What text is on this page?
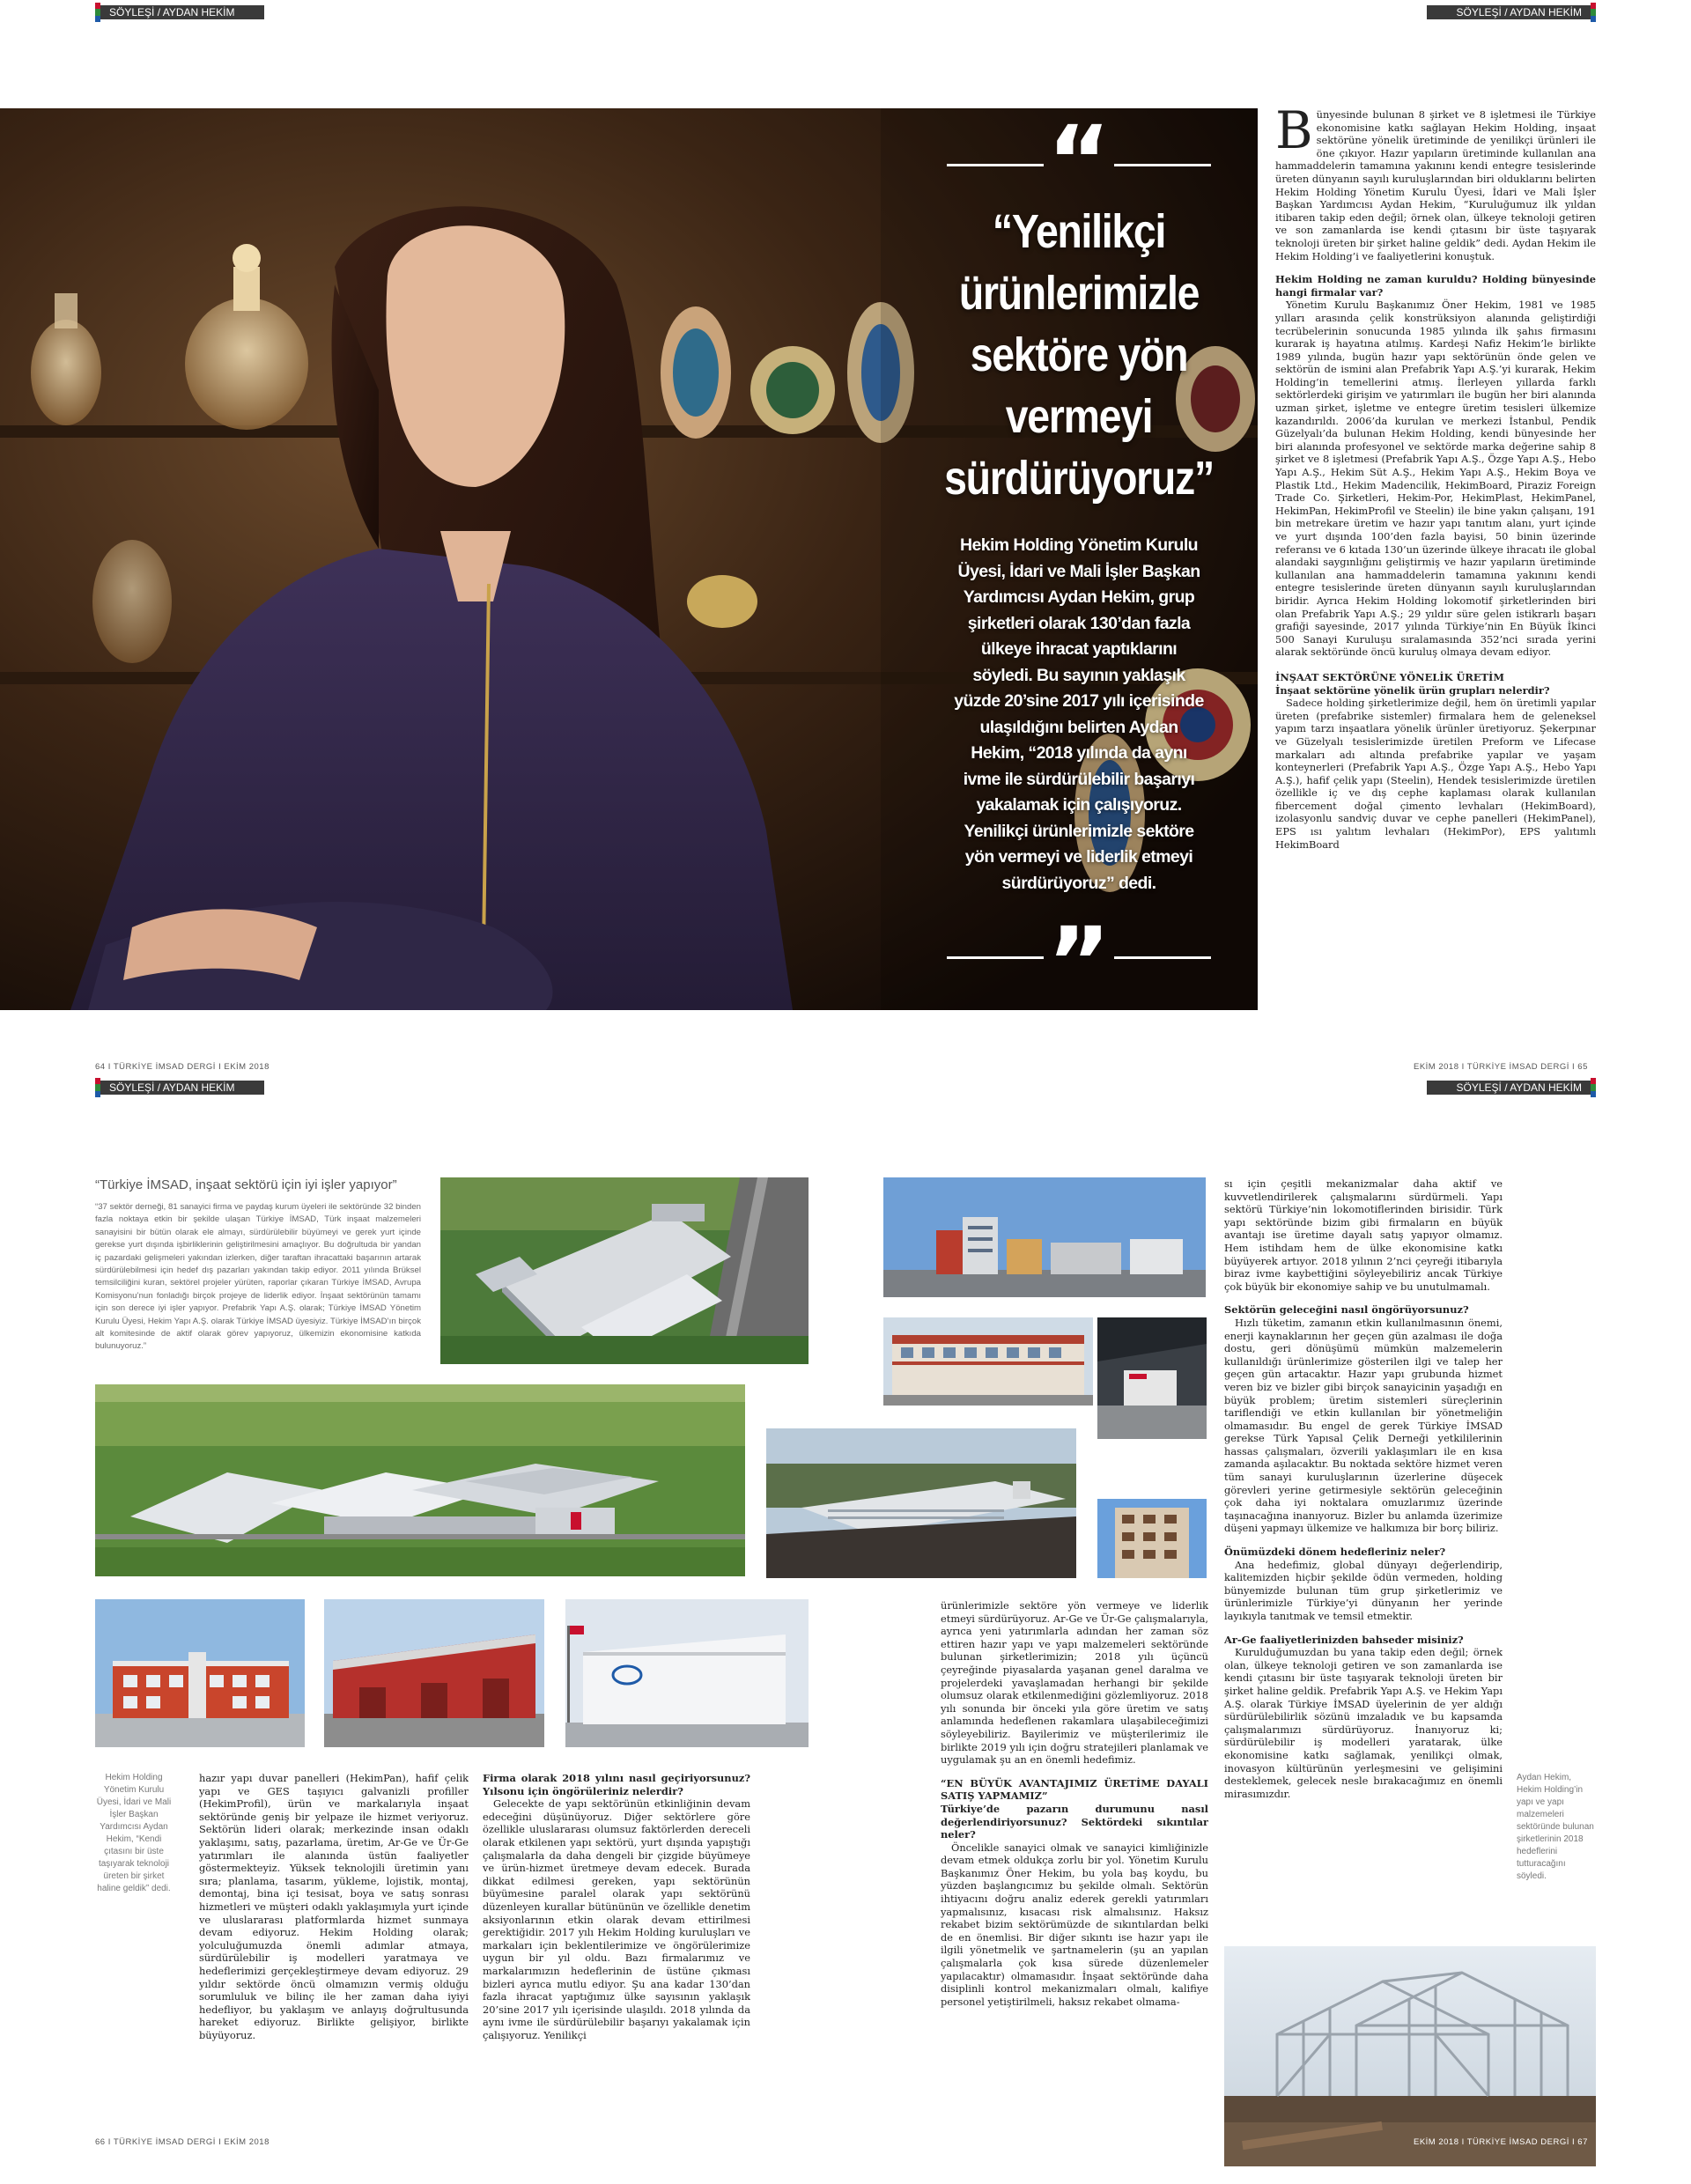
SÖYLEŞİ / AYDAN HEKİM	SÖYLEŞİ / AYDAN HEKİM
“
“Yenilikçi ürünlerimizle sektöre yön vermeyi sürdürüyoruz”
Hekim Holding Yönetim Kurulu Üyesi, İdari ve Mali İşler Başkan Yardımcısı Aydan Hekim, grup şirketleri olarak 130’dan fazla ülkeye ihracat yaptıklarını söyledi. Bu sayının yaklaşık yüzde 20’sine 2017 yılı içerisinde ulaşıldığını belirten Aydan Hekim, “2018 yılında da aynı ivme ile sürdürülebilir başarıyı yakalamak için çalışıyoruz. Yenilikçi ürünlerimizle sektöre yön vermeyi ve liderlik etmeyi sürdürüyoruz” dedi.
”
B ünyesinde bulunan 8 şirket ve 8 işletmesi ile Türkiye ekonomisine katkı sağlayan Hekim Holding, inşaat sektörüne yönelik üretiminde de yenilikçi ürünleri ile öne çıkıyor. Hazır yapıların üretiminde kullanılan ana hammaddelerin tamamına yakınını kendi entegre tesislerinde üreten dünyanın sayılı kuruluşlarından biri olduklarını belirten Hekim Holding Yönetim Kurulu Üyesi, İdari ve Mali İşler Başkan Yardımcısı Aydan Hekim, “Kuruluğumuz ilk yıldan itibaren takip eden değil; örnek olan, ülkeye teknoloji getiren ve son zamanlarda ise kendi çıtasını bir üste taşıyarak teknoloji üreten bir şirket haline geldik” dedi. Aydan Hekim ile Hekim Holding’i ve faaliyetlerini konuştuk.

Hekim Holding ne zaman kuruldu? Holding bünyesinde hangi firmalar var?

Yönetim Kurulu Başkanımız Öner Hekim, 1981 ve 1985 yılları arasında çelik konstrüksiyon alanında geliştirdiği tecrübelerinin sonucunda 1985 yılında ilk şahıs firmasını kurarak iş hayatına atılmış. Kardeşi Nafiz Hekim’le birlikte 1989 yılında, bugün hazır yapı sektörünün önde gelen ve sektörün de ismini alan Prefabrik Yapı A.Ş.’yi kurarak, Hekim Holding’in temellerini atmış. İlerleyen yıllarda farklı sektörlerdeki girişim ve yatırımları ile bugün her biri alanında uzman şirket, işletme ve entegre üretim tesisleri ülkemize kazandırıldı. 2006’da kurulan ve merkezi İstanbul, Pendik Güzelyalı’da bulunan Hekim Holding, kendi bünyesinde her biri alanında profesyonel ve sektörde marka değerine sahip 8 şirket ve 8 işletmesi (Prefabrik Yapı A.Ş., Özge Yapı A.Ş., Hebo Yapı A.Ş., Hekim Süt A.Ş., Hekim Yapı A.Ş., Hekim Boya ve Plastik Ltd., Hekim Madencilik, HekimBoard, Piraziz Foreign Trade Co. Şirketleri, Hekim-Por, HekimPlast, HekimPanel, HekimPan, HekimProfil ve Steelin) ile bine yakın çalışanı, 191 bin metrekare üretim ve hazır yapı tanıtım alanı, yurt içinde ve yurt dışında 100’den fazla bayisi, 50 binin üzerinde referansı ve 6 kıtada 130’un üzerinde ülkeye ihracatı ile global alandaki saygınlığını geliştirmiş ve hazır yapıların üretiminde kullanılan ana hammaddelerin tamamına yakınını kendi entegre tesislerinde üreten dünyanın sayılı kuruluşlarından biridir. Ayrıca Hekim Holding lokomotif şirketlerinden biri olan Prefabrik Yapı A.Ş.; 29 yıldır süre gelen istikrarlı başarı grafiği sayesinde, 2017 yılında Türkiye’nin En Büyük İkinci 500 Sanayi Kuruluşu sıralamasında 352’nci sırada yerini alarak sektöründe öncü kuruluş olmaya devam ediyor.

İNŞAAT SEKTÖRÜNE YÖNELİK ÜRETİM
İnşaat sektörüne yönelik ürün grupları nelerdir?

Sadece holding şirketlerimize değil, hem ön üretimli yapılar üreten (prefabrike sistemler) firmalara hem de geleneksel yapım tarzı inşaatlara yönelik ürünler üretiyoruz. Şekerpınar ve Güzelyalı tesislerimizde üretilen Preform ve Lifecase markaları adı altında prefabrike yapılar ve yaşam konteynerleri (Prefabrik Yapı A.Ş., Özge Yapı A.Ş., Hebo Yapı A.Ş.), hafif çelik yapı (Steelin), Hendek tesislerimizde üretilen özellikle iç ve dış cephe kaplaması olarak kullanılan fibercement doğal çimento levhaları (HekimBoard), izolasyonlu sandviç duvar ve cephe panelleri (HekimPanel), EPS ısı yalıtım levhaları (HekimPor), EPS yalıtımlı HekimBoard

64 I TÜRKİYE İMSAD DERGİ I EKİM 2018	EKİM 2018 I TÜRKİYE İMSAD DERGİ I 65
SÖYLEŞİ / AYDAN HEKİM	SÖYLEŞİ / AYDAN HEKİM
“Türkiye İMSAD, inşaat sektörü için iyi işler yapıyor”
“37 sektör derneği, 81 sanayici firma ve paydaş kurum üyeleri ile sektöründe 32 binden fazla noktaya etkin bir şekilde ulaşan Türkiye İMSAD, Türk inşaat malzemeleri sanayisini bir bütün olarak ele almayı, sürdürülebilir büyümeyi ve gerek yurt içinde gerekse yurt dışında işbirliklerinin geliştirilmesini amaçlıyor. Bu doğrultuda bir yandan iç pazardaki gelişmeleri yakından izlerken, diğer taraftan ihracattaki başarının artarak sürdürülebilmesi için hedef dış pazarları yakından takip ediyor. 2011 yılında Brüksel temsilciliğini kuran, sektörel projeler yürüten, raporlar çıkaran Türkiye İMSAD, Avrupa Komisyonu’nun fonladığı birçok projeye de liderlik ediyor. İnşaat sektörünün tamamı için son derece iyi işler yapıyor. Prefabrik Yapı A.Ş. olarak; Türkiye İMSAD Yönetim Kurulu Üyesi, Hekim Yapı A.Ş. olarak Türkiye İMSAD üyesiyiz. Türkiye İMSAD’ın birçok alt komitesinde de aktif olarak görev yapıyoruz, ülkemizin ekonomisine katkıda bulunuyoruz.”
Hekim Holding Yönetim Kurulu Üyesi, İdari ve Mali İşler Başkan Yardımcısı Aydan Hekim, “Kendi çıtasını bir üste taşıyarak teknoloji üreten bir şirket haline geldik” dedi.

hazır yapı duvar panelleri (HekimPan), hafif çelik yapı ve GES taşıyıcı galvanizli profiller (HekimProfil), ürün ve markalarıyla inşaat sektöründe geniş bir yelpaze ile hizmet veriyoruz. Sektörün lideri olarak; merkezinde insan odaklı yaklaşımı, satış, pazarlama, üretim, Ar-Ge ve Ür-Ge yatırımları ile alanında üstün faaliyetler göstermekteyiz. Yüksek teknolojili üretimin yanı sıra; planlama, tasarım, yükleme, lojistik, montaj, demontaj, bina içi tesisat, boya ve satış sonrası hizmetleri ve müşteri odaklı yaklaşımıyla yurt içinde ve uluslararası platformlarda hizmet sunmaya devam ediyoruz. Hekim Holding olarak; yolculuğumuzda önemli adımlar atmaya, sürdürülebilir iş modelleri yaratmaya ve hedeflerimizi gerçekleştirmeye devam ediyoruz. 29 yıldır sektörde öncü olmamızın vermiş olduğu sorumluluk ve bilinç ile her zaman daha iyiyi hedefliyor, bu yaklaşım ve anlayış doğrultusunda hareket ediyoruz. Birlikte gelişiyor, birlikte büyüyoruz.

Firma olarak 2018 yılını nasıl geçiriyorsunuz? Yılsonu için öngörüleriniz nelerdir?

Gelecekte de yapı sektörünün etkinliğinin devam edeceğini düşünüyoruz. Diğer sektörlere göre özellikle uluslararası olumsuz faktörlerden dereceli olarak etkilenen yapı sektörü, yurt dışında yapıştığı çalışmalarla da daha dengeli bir çizgide büyümeye ve ürün-hizmet üretmeye devam edecek. Burada dikkat edilmesi gereken, yapı sektörünün büyümesine paralel olarak yapı sektörünü düzenleyen kurallar bütününün ve özellikle denetim aksiyonlarının etkin olarak devam ettirilmesi gerektiğidir. 2017 yılı Hekim Holding kuruluşları ve markaları için beklentilerimize ve öngörülerimize uygun bir yıl oldu. Bazı firmalarımız ve markalarımızın hedeflerinin de üstüne çıkması bizleri ayrıca mutlu ediyor. Şu ana kadar 130’dan fazla ihracat yaptığımız ülke sayısının yaklaşık 20’sine 2017 yılı içerisinde ulaşıldı. 2018 yılında da aynı ivme ile sürdürülebilir başarıyı yakalamak için çalışıyoruz. Yenilikçi

sı için çeşitli mekanizmalar daha aktif ve kuvvetlendirilerek çalışmalarını sürdürmeli. Yapı sektörü Türkiye’nin lokomotiflerinden birisidir. Türk yapı sektöründe bizim gibi firmaların en büyük avantajı ise üretime dayalı satış yapıyor olmamız. Hem istihdam hem de ülke ekonomisine katkı büyüyerek artıyor. 2018 yılının 2’nci çeyreği itibarıyla biraz ivme kaybettiğini söyleyebiliriz ancak Türkiye çok büyük bir ekonomiye sahip ve bu unutulmamalı.

Sektörün geleceğini nasıl öngörüyorsunuz?

Hızlı tüketim, zamanın etkin kullanılmasının önemi, enerji kaynaklarının her geçen gün azalması ile doğa dostu, geri dönüşümü mümkün malzemelerin kullanıldığı ürünlerimize gösterilen ilgi ve talep her geçen gün artacaktır. Hazır yapı grubunda hizmet veren biz ve bizler gibi birçok sanayicinin yaşadığı en büyük problem; üretim sistemleri süreçlerinin tariflendiği ve etkin kullanılan bir yönetmeliğin olmamasıdır. Bu engel de gerek Türkiye İMSAD gerekse Türk Yapısal Çelik Derneği yetkililerinin hassas çalışmaları, özverili yaklaşımları ile en kısa zamanda aşılacaktır. Bu noktada sektöre hizmet veren tüm sanayi kuruluşlarının üzerlerine düşecek görevleri yerine getirmesiyle sektörün geleceğinin çok daha iyi noktalara omuzlarımız üzerinde taşınacağına inanıyoruz. Bizler bu anlamda üzerimize düşeni yapmayı ülkemize ve halkımıza bir borç biliriz.

Önümüzdeki dönem hedefleriniz neler?

Ana hedefimiz, global dünyayı değerlendirip, kalitemizden hiçbir şekilde ödün vermeden, holding bünyemizde bulunan tüm grup şirketlerimiz ve ürünlerimizle Türkiye’yi dünyanın her yerinde layıkıyla tanıtmak ve temsil etmektir.

Ar-Ge faaliyetlerinizden bahseder misiniz?

Kurulduğumuzdan bu yana takip eden değil; örnek olan, ülkeye teknoloji getiren ve son zamanlarda ise kendi çıtasını bir üste taşıyarak teknoloji üreten bir şirket haline geldik. Prefabrik Yapı A.Ş. ve Hekim Yapı A.Ş. olarak Türkiye İMSAD üyelerinin de yer aldığı sürdürülebilirlik sözünü imzaladık ve bu kapsamda çalışmalarımızı sürdürüyoruz. İnanıyoruz ki; sürdürülebilir iş modelleri yaratarak, ülke ekonomisine katkı sağlamak, yenilikçi olmak, inovasyon kültürünün yerleşmesini ve gelişimini desteklemek, gelecek nesle bırakacağımız en önemli mirasımızdır.

ürünlerimizle sektöre yön vermeye ve liderlik etmeyi sürdürüyoruz. Ar-Ge ve Ür-Ge çalışmalarıyla, ayrıca yeni yatırımlarla adından her zaman söz ettiren hazır yapı ve yapı malzemeleri sektöründe bulunan şirketlerimizin; 2018 yılı üçüncü çeyreğinde piyasalarda yaşanan genel daralma ve projelerdeki yavaşlamadan herhangi bir şekilde olumsuz olarak etkilenmediğini gözlemliyoruz. 2018 yılı sonunda bir önceki yıla göre üretim ve satış anlamında hedeflenen rakamlara ulaşabileceğimizi söyleyebiliriz. Bayilerimiz ve müşterilerimiz ile birlikte 2019 yılı için doğru stratejileri planlamak ve uygulamak şu an en önemli hedefimiz.

“EN BÜYÜK AVANTAJIMIZ ÜRETİME DAYALI SATIŞ YAPMAMIZ”
Türkiye’de pazarın durumunu nasıl değerlendiriyorsunuz? Sektördeki sıkıntılar neler?

Öncelikle sanayici olmak ve sanayici kimliğinizle devam etmek oldukça zorlu bir yol. Yönetim Kurulu Başkanımız Öner Hekim, bu yola baş koydu, bu yüzden başlangıcımız bu şekilde olmalı. Sektörün ihtiyacını doğru analiz ederek gerekli yatırımları yapmalısınız, kısacası risk almalısınız. Haksız rekabet bizim sektörümüzde de sıkıntılardan belki de en önemlisi. Bir diğer sıkıntı ise hazır yapı ile ilgili yönetmelik ve şartnamelerin (şu an yapılan çalışmalarla çok kısa sürede düzenlemeler yapılacaktır) olmamasıdır. İnşaat sektöründe daha disiplinli kontrol mekanizmaları olmalı, kalifiye personel yetiştirilmeli, haksız rekabet olmama-

Aydan Hekim, Hekim Holding’in yapı ve yapı malzemeleri sektöründe bulunan şirketlerinin 2018 hedeflerini tutturacağını söyledi.
66 I TÜRKİYE İMSAD DERGİ I EKİM 2018	EKİM 2018 I TÜRKİYE İMSAD DERGİ I 67
